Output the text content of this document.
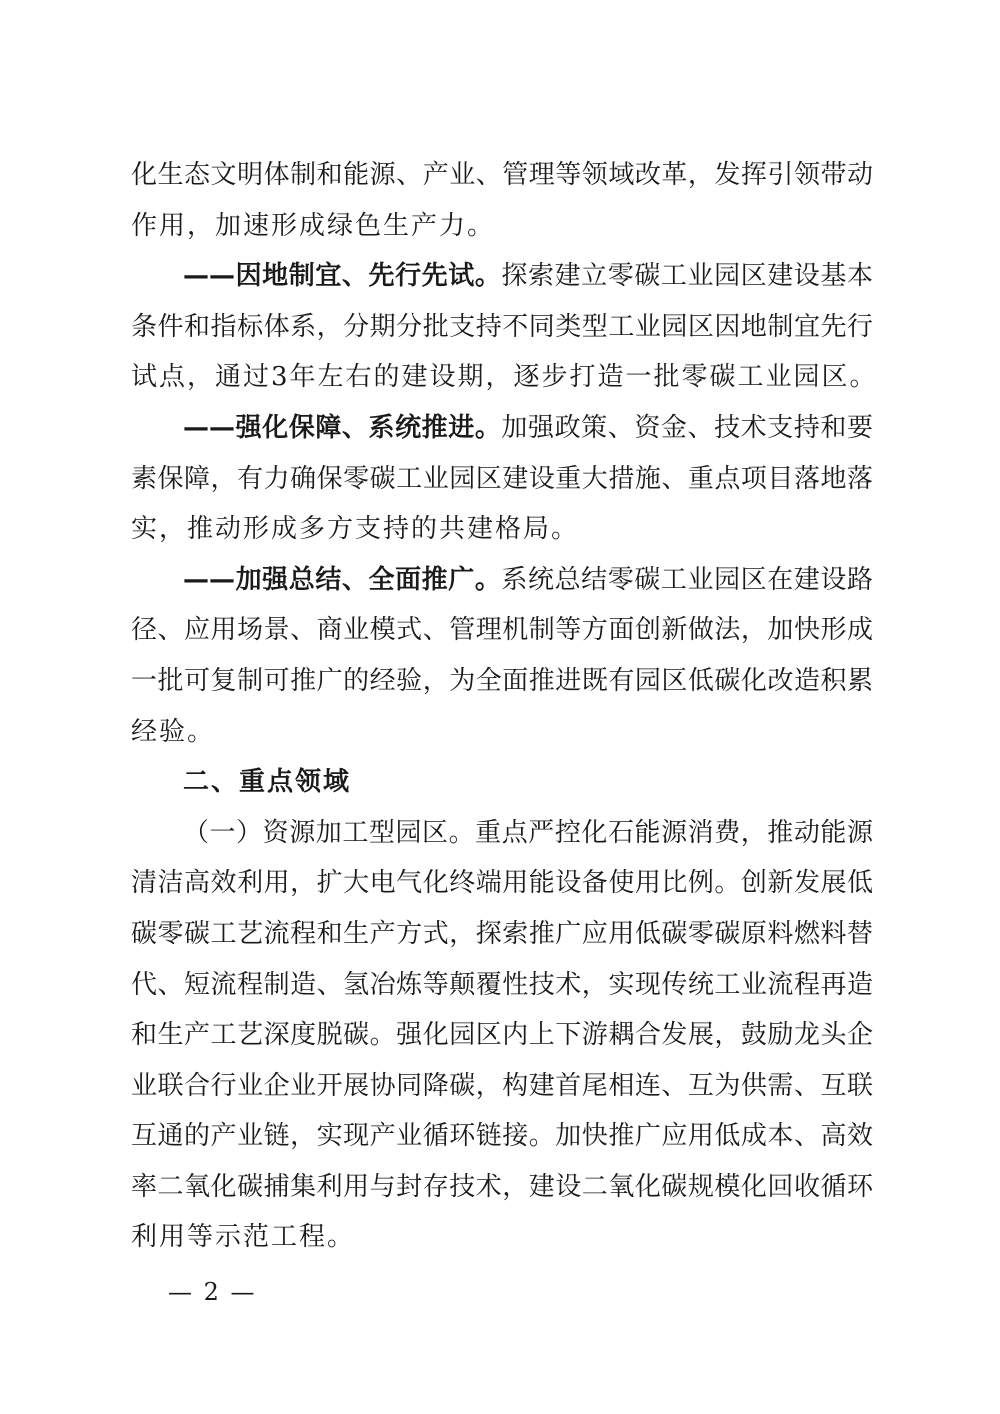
化生态文明体制和能源、产业、管理等领域改革，发挥引领带动
作用，加速形成绿色生产力。
——因地制宜、先行先试。探索建立零碳工业园区建设基本
条件和指标体系，分期分批支持不同类型工业园区因地制宜先行
试点，通过3年左右的建设期，逐步打造一批零碳工业园区。
——强化保障、系统推进。加强政策、资金、技术支持和要
素保障，有力确保零碳工业园区建设重大措施、重点项目落地落
实，推动形成多方支持的共建格局。
——加强总结、全面推广。系统总结零碳工业园区在建设路
径、应用场景、商业模式、管理机制等方面创新做法，加快形成
一批可复制可推广的经验，为全面推进既有园区低碳化改造积累
经验。
二、重点领域
（一）资源加工型园区。重点严控化石能源消费，推动能源
清洁高效利用，扩大电气化终端用能设备使用比例。创新发展低
碳零碳工艺流程和生产方式，探索推广应用低碳零碳原料燃料替
代、短流程制造、氢冶炼等颠覆性技术，实现传统工业流程再造
和生产工艺深度脱碳。强化园区内上下游耦合发展，鼓励龙头企
业联合行业企业开展协同降碳，构建首尾相连、互为供需、互联
互通的产业链，实现产业循环链接。加快推广应用低成本、高效
率二氧化碳捕集利用与封存技术，建设二氧化碳规模化回收循环
利用等示范工程。
— 2 —
